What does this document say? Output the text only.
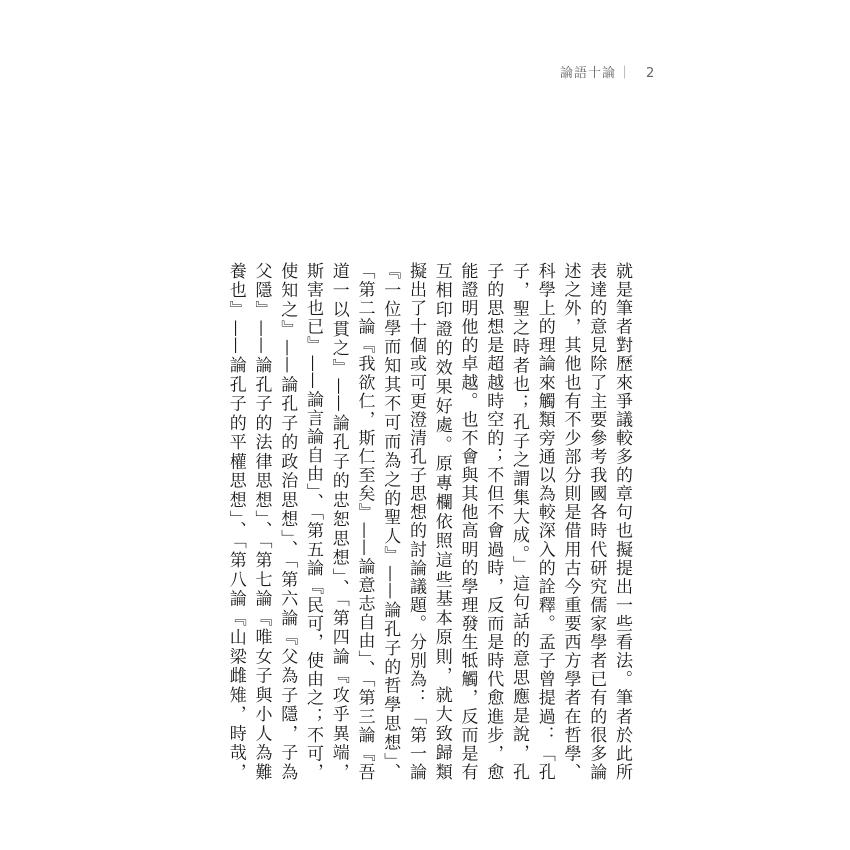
論語十論 ｜ 2
就是筆者對歷來爭議較多的章句也擬提出一些看法。筆者於此所
表達的意見除了主要參考我國各時代研究儒家學者已有的很多論
述之外，其他也有不少部分則是借用古今重要西方學者在哲學、
科學上的理論來觸類旁通以為較深入的詮釋。孟子曾提過：「孔
子，聖之時者也；孔子之謂集大成。」這句話的意思應是說，孔
子的思想是超越時空的；不但不會過時，反而是時代愈進步，愈
能證明他的卓越。也不會與其他高明的學理發生牴觸，反而是有
互相印證的效果好處。原專欄依照這些基本原則，就大致歸類
擬出了十個或可更澄清孔子思想的討論議題。分別為：「第一論
『一位學而知其不可而為之的聖人』——論孔子的哲學思想」、
「第二論『我欲仁，斯仁至矣』——論意志自由」、「第三論『吾
道一以貫之』——論孔子的忠恕思想」、「第四論『攻乎異端，
斯害也已』——論言論自由」、「第五論『民可，使由之；不可，
使知之』——論孔子的政治思想」、「第六論『父為子隱，子為
父隱』——論孔子的法律思想」、「第七論『唯女子與小人為難
養也』——論孔子的平權思想」、「第八論『山梁雌雉，時哉，
